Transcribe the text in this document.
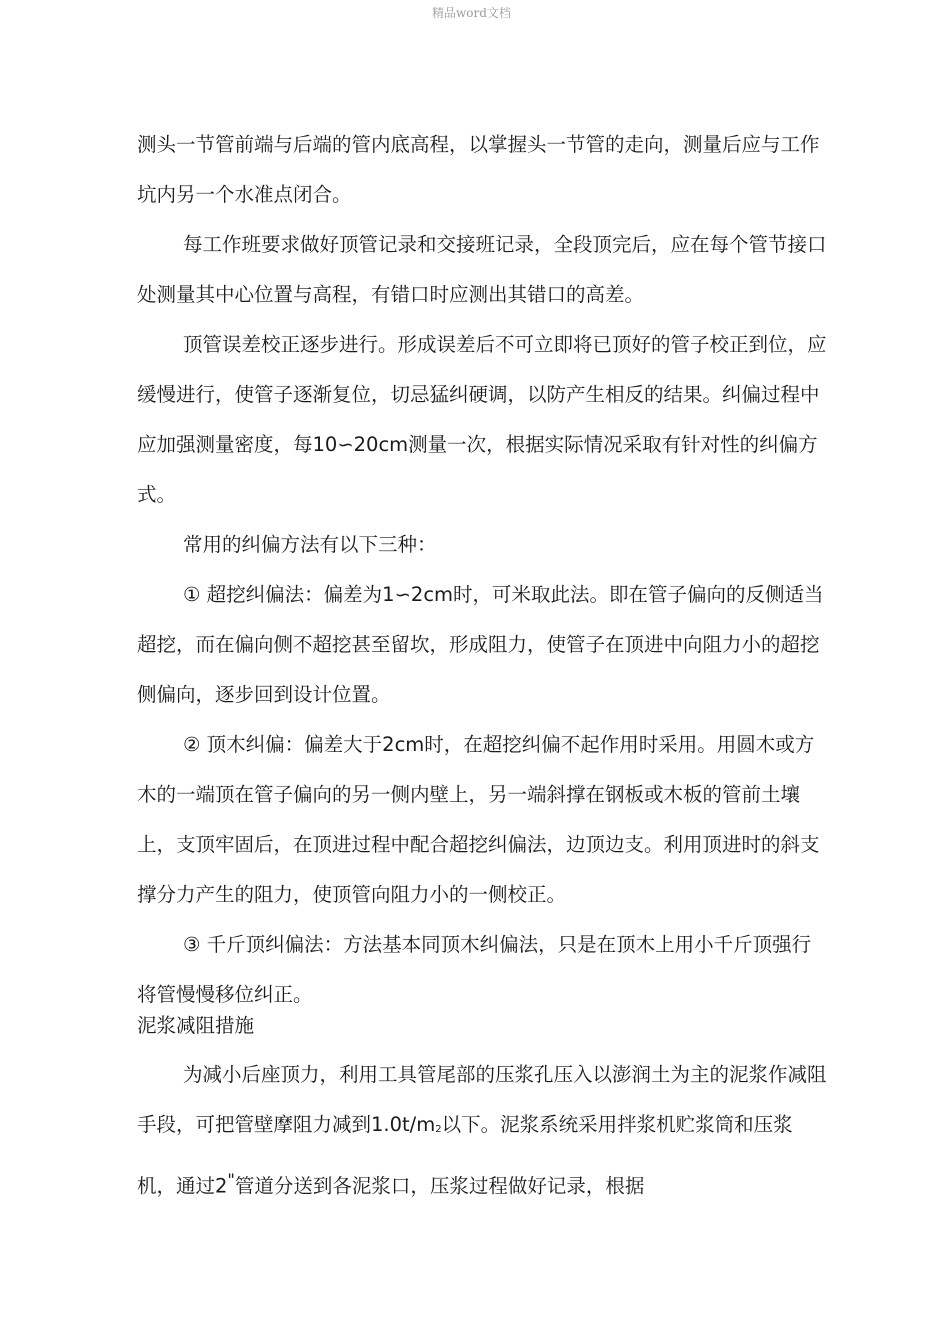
精品word文档

测头一节管前端与后端的管内底高程，以掌握头一节管的走向，测量后应与工作坑内另一个水准点闭合。

每工作班要求做好顶管记录和交接班记录，全段顶完后，应在每个管节接口处测量其中心位置与高程，有错口时应测出其错口的高差。

顶管误差校正逐步进行。形成误差后不可立即将已顶好的管子校正到位，应缓慢进行，使管子逐渐复位，切忌猛纠硬调，以防产生相反的结果。纠偏过程中应加强测量密度，每10∽20cm测量一次，根据实际情况采取有针对性的纠偏方式。

常用的纠偏方法有以下三种：

① 超挖纠偏法：偏差为1∽2cm时，可米取此法。即在管子偏向的反侧适当超挖，而在偏向侧不超挖甚至留坎，形成阻力，使管子在顶进中向阻力小的超挖侧偏向，逐步回到设计位置。

② 顶木纠偏：偏差大于2cm时，在超挖纠偏不起作用时采用。用圆木或方木的一端顶在管子偏向的另一侧内壁上，另一端斜撑在钢板或木板的管前土壤上，支顶牢固后，在顶进过程中配合超挖纠偏法，边顶边支。利用顶进时的斜支撑分力产生的阻力，使顶管向阻力小的一侧校正。

③ 千斤顶纠偏法：方法基本同顶木纠偏法，只是在顶木上用小千斤顶强行将管慢慢移位纠正。

泥浆减阻措施

为减小后座顶力，利用工具管尾部的压浆孔压入以澎润土为主的泥浆作减阻手段，可把管壁摩阻力减到$1.0t/m_2$以下。泥浆系统采用拌浆机贮浆筒和压浆机，通过2"管道分送到各泥浆口，压浆过程做好记录，根据
